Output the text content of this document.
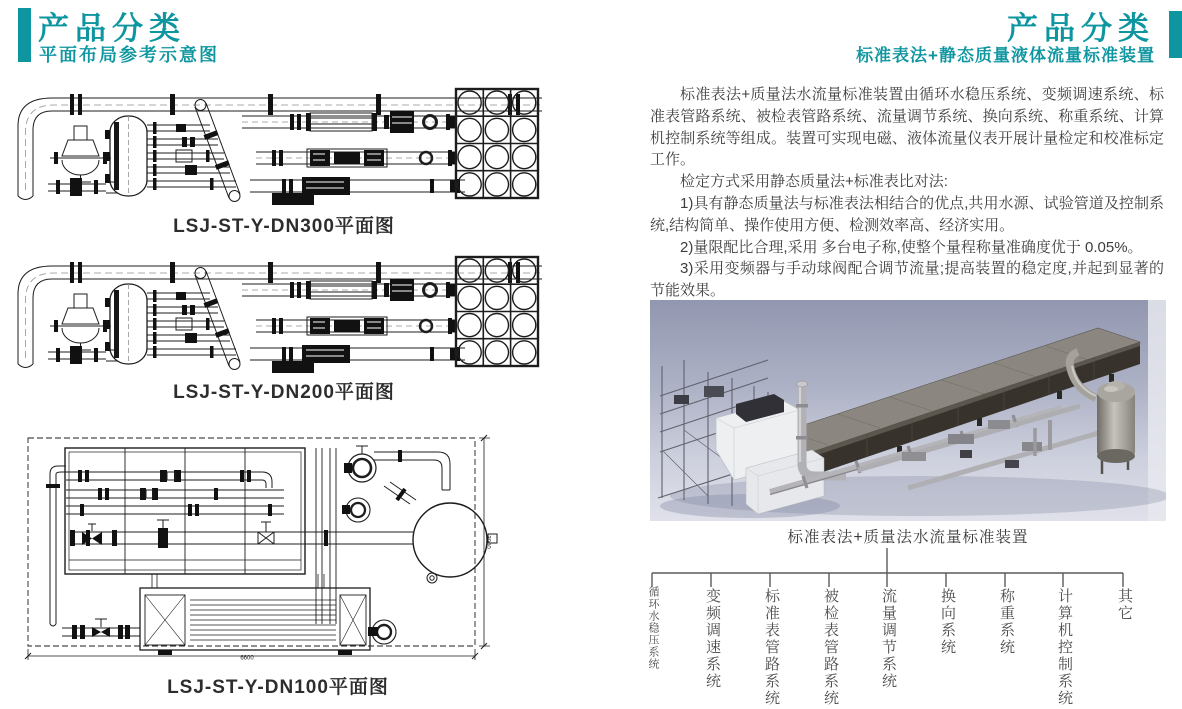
产品分类
平面布局参考示意图
产品分类
标准表法+静态质量液体流量标准装置
LSJ-ST-Y-DN300平面图
LSJ-ST-Y-DN200平面图
6600
3000
LSJ-ST-Y-DN100平面图

标准表法+质量法水流量标准装置由循环水稳压系统、变频调速系统、标准表管路系统、被检表管路系统、流量调节系统、换向系统、称重系统、计算机控制系统等组成。装置可实现电磁、液体流量仪表开展计量检定和校准标定工作。

检定方式采用静态质量法+标准表比对法:

1)具有静态质量法与标准表法相结合的优点,共用水源、试验管道及控制系统,结构简单、操作使用方便、检测效率高、经济实用。

2)量限配比合理,采用 多台电子称,使整个量程称量准确度优于 0.05%。

3)采用变频器与手动球阀配合调节流量;提高装置的稳定度,并起到显著的节能效果。

标准表法+质量法水流量标准装置
循环水稳压系统	变频调速系统	标准表管路系统	被检表管路系统	流量调节系统	换向系统	称重系统	计算机控制系统	其它
